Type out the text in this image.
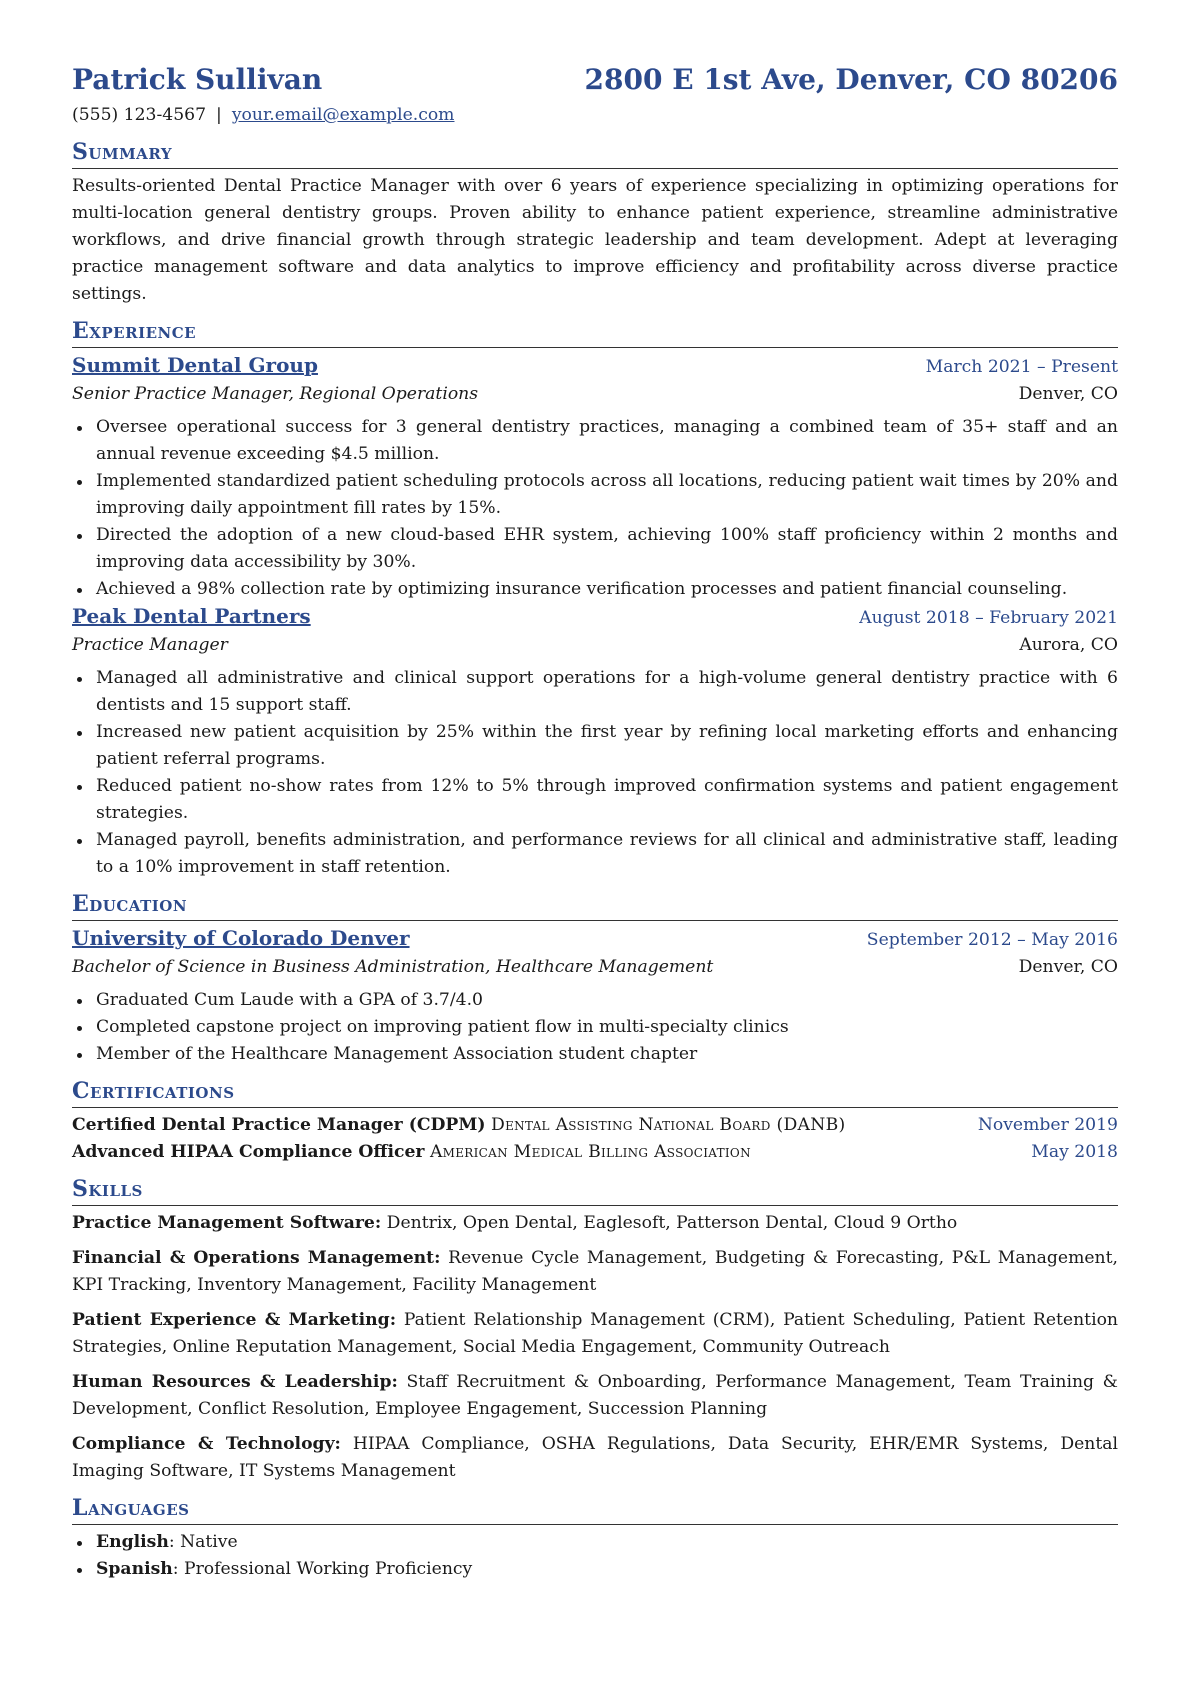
Patrick Sullivan	2800 E 1st Ave, Denver, CO 80206
(555) 123-4567 | your.email@example.com
Summary

Results-oriented Dental Practice Manager with over 6 years of experience specializing in optimizing operations for multi-location general dentistry groups. Proven ability to enhance patient experience, streamline administrative workflows, and drive financial growth through strategic leadership and team development. Adept at leveraging practice management software and data analytics to improve efficiency and profitability across diverse practice settings.

Experience
Summit Dental Group	March 2021 – Present
Senior Practice Manager, Regional Operations	Denver, CO
Oversee operational success for 3 general dentistry practices, managing a combined team of 35+ staff and an annual revenue exceeding $4.5 million.
Implemented standardized patient scheduling protocols across all locations, reducing patient wait times by 20% and improving daily appointment fill rates by 15%.
Directed the adoption of a new cloud-based EHR system, achieving 100% staff proficiency within 2 months and improving data accessibility by 30%.
Achieved a 98% collection rate by optimizing insurance verification processes and patient financial counseling.
Peak Dental Partners	August 2018 – February 2021
Practice Manager	Aurora, CO
Managed all administrative and clinical support operations for a high-volume general dentistry practice with 6 dentists and 15 support staff.
Increased new patient acquisition by 25% within the first year by refining local marketing efforts and enhancing patient referral programs.
Reduced patient no-show rates from 12% to 5% through improved confirmation systems and patient engagement strategies.
Managed payroll, benefits administration, and performance reviews for all clinical and administrative staff, leading to a 10% improvement in staff retention.
Education
University of Colorado Denver	September 2012 – May 2016
Bachelor of Science in Business Administration, Healthcare Management	Denver, CO
Graduated Cum Laude with a GPA of 3.7/4.0
Completed capstone project on improving patient flow in multi-specialty clinics
Member of the Healthcare Management Association student chapter
Certifications
Certified Dental Practice Manager (CDPM) Dental Assisting National Board (DANB)	November 2019
Advanced HIPAA Compliance Officer American Medical Billing Association	May 2018
Skills
Practice Management Software: Dentrix, Open Dental, Eaglesoft, Patterson Dental, Cloud 9 Ortho
Financial & Operations Management: Revenue Cycle Management, Budgeting & Forecasting, P&L Management, KPI Tracking, Inventory Management, Facility Management
Patient Experience & Marketing: Patient Relationship Management (CRM), Patient Scheduling, Patient Retention Strategies, Online Reputation Management, Social Media Engagement, Community Outreach
Human Resources & Leadership: Staff Recruitment & Onboarding, Performance Management, Team Training & Development, Conflict Resolution, Employee Engagement, Succession Planning
Compliance & Technology: HIPAA Compliance, OSHA Regulations, Data Security, EHR/EMR Systems, Dental Imaging Software, IT Systems Management
Languages
English: Native
Spanish: Professional Working Proficiency
